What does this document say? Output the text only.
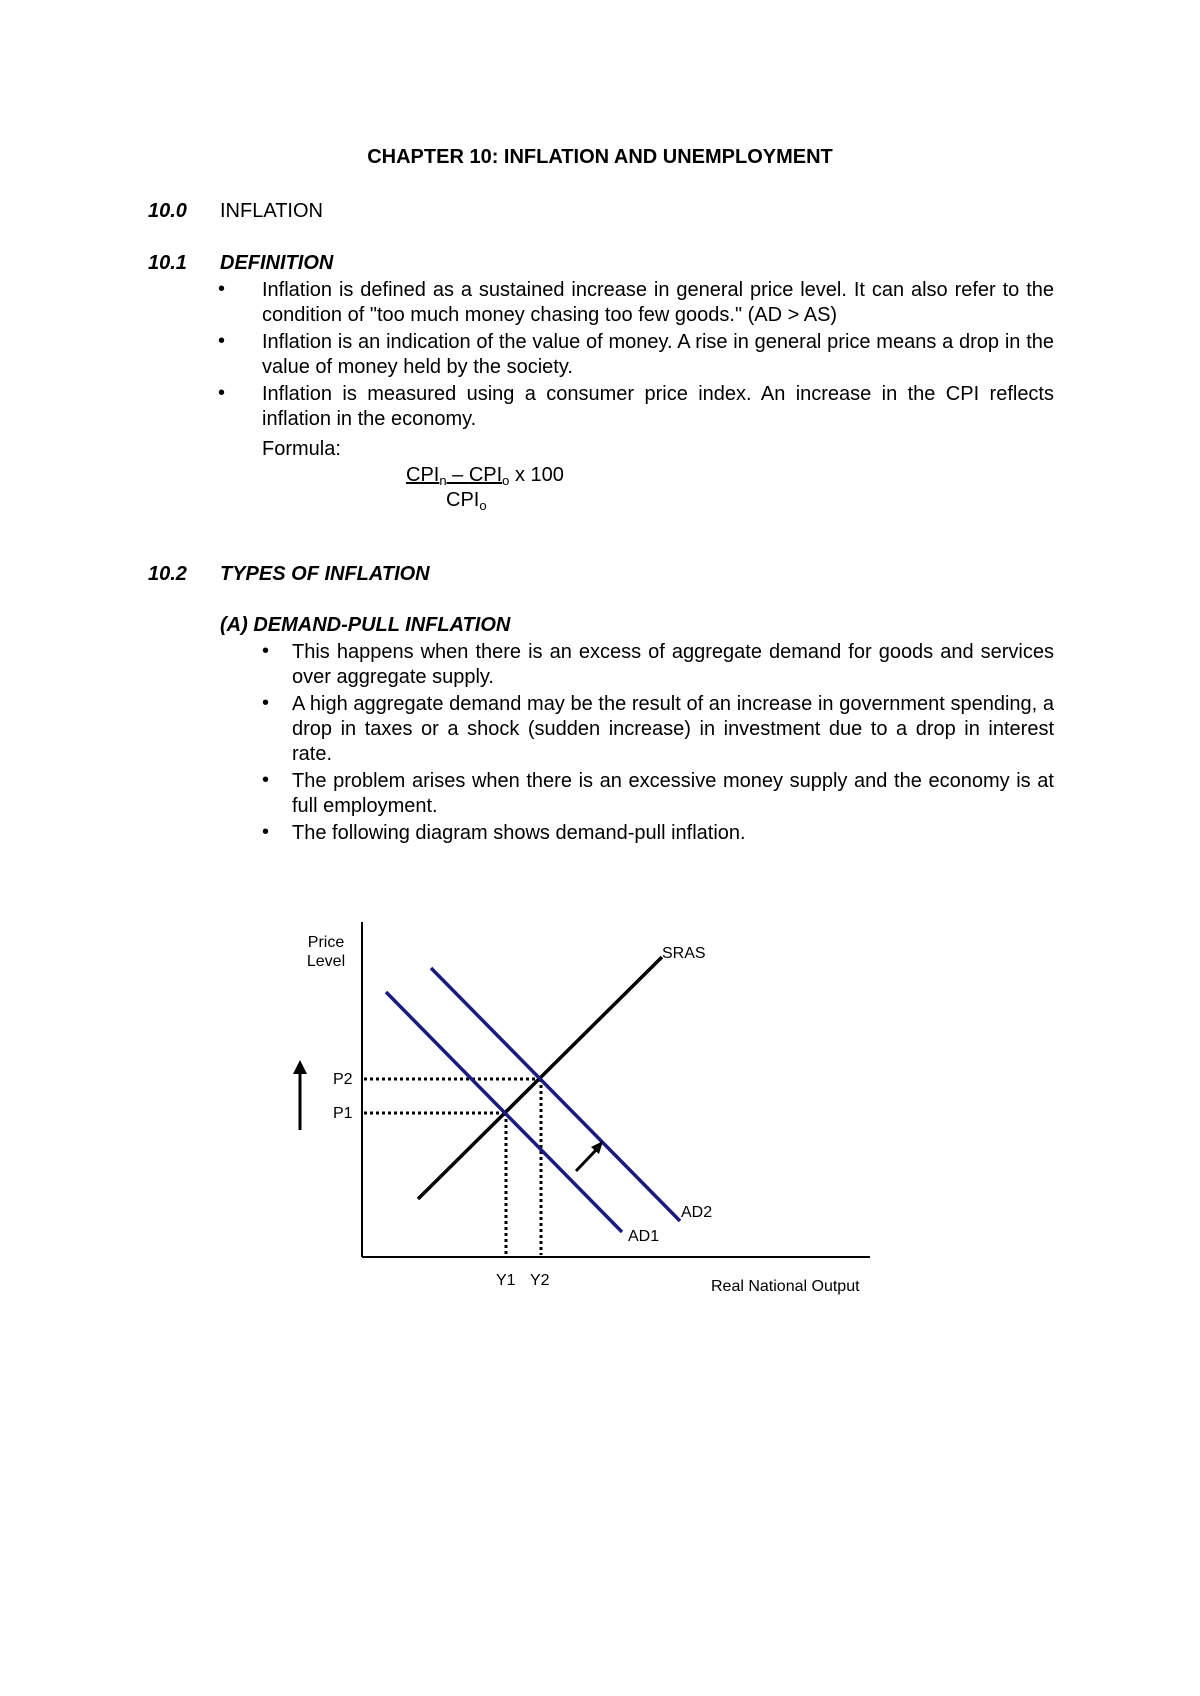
CHAPTER 10: INFLATION AND UNEMPLOYMENT
10.0 INFLATION
10.1 DEFINITION
• Inflation is defined as a sustained increase in general price level. It can also refer to the condition of "too much money chasing too few goods." (AD > AS)

• Inflation is an indication of the value of money. A rise in general price means a drop in the value of money held by the society.

• Inflation is measured using a consumer price index. An increase in the CPI reflects inflation in the economy.

Formula:
$CPI_n - CPI_o$ x 100
$CPI_o$
10.2 TYPES OF INFLATION
(A) DEMAND-PULL INFLATION
• This happens when there is an excess of aggregate demand for goods and services over aggregate supply.

• A high aggregate demand may be the result of an increase in government spending, a drop in taxes or a shock (sudden increase) in investment due to a drop in interest rate.

• The problem arises when there is an excessive money supply and the economy is at full employment.

• The following diagram shows demand-pull inflation.

Price
Level	SRAS
P2
P1
AD2
AD1
Y1 Y2	Real National Output
